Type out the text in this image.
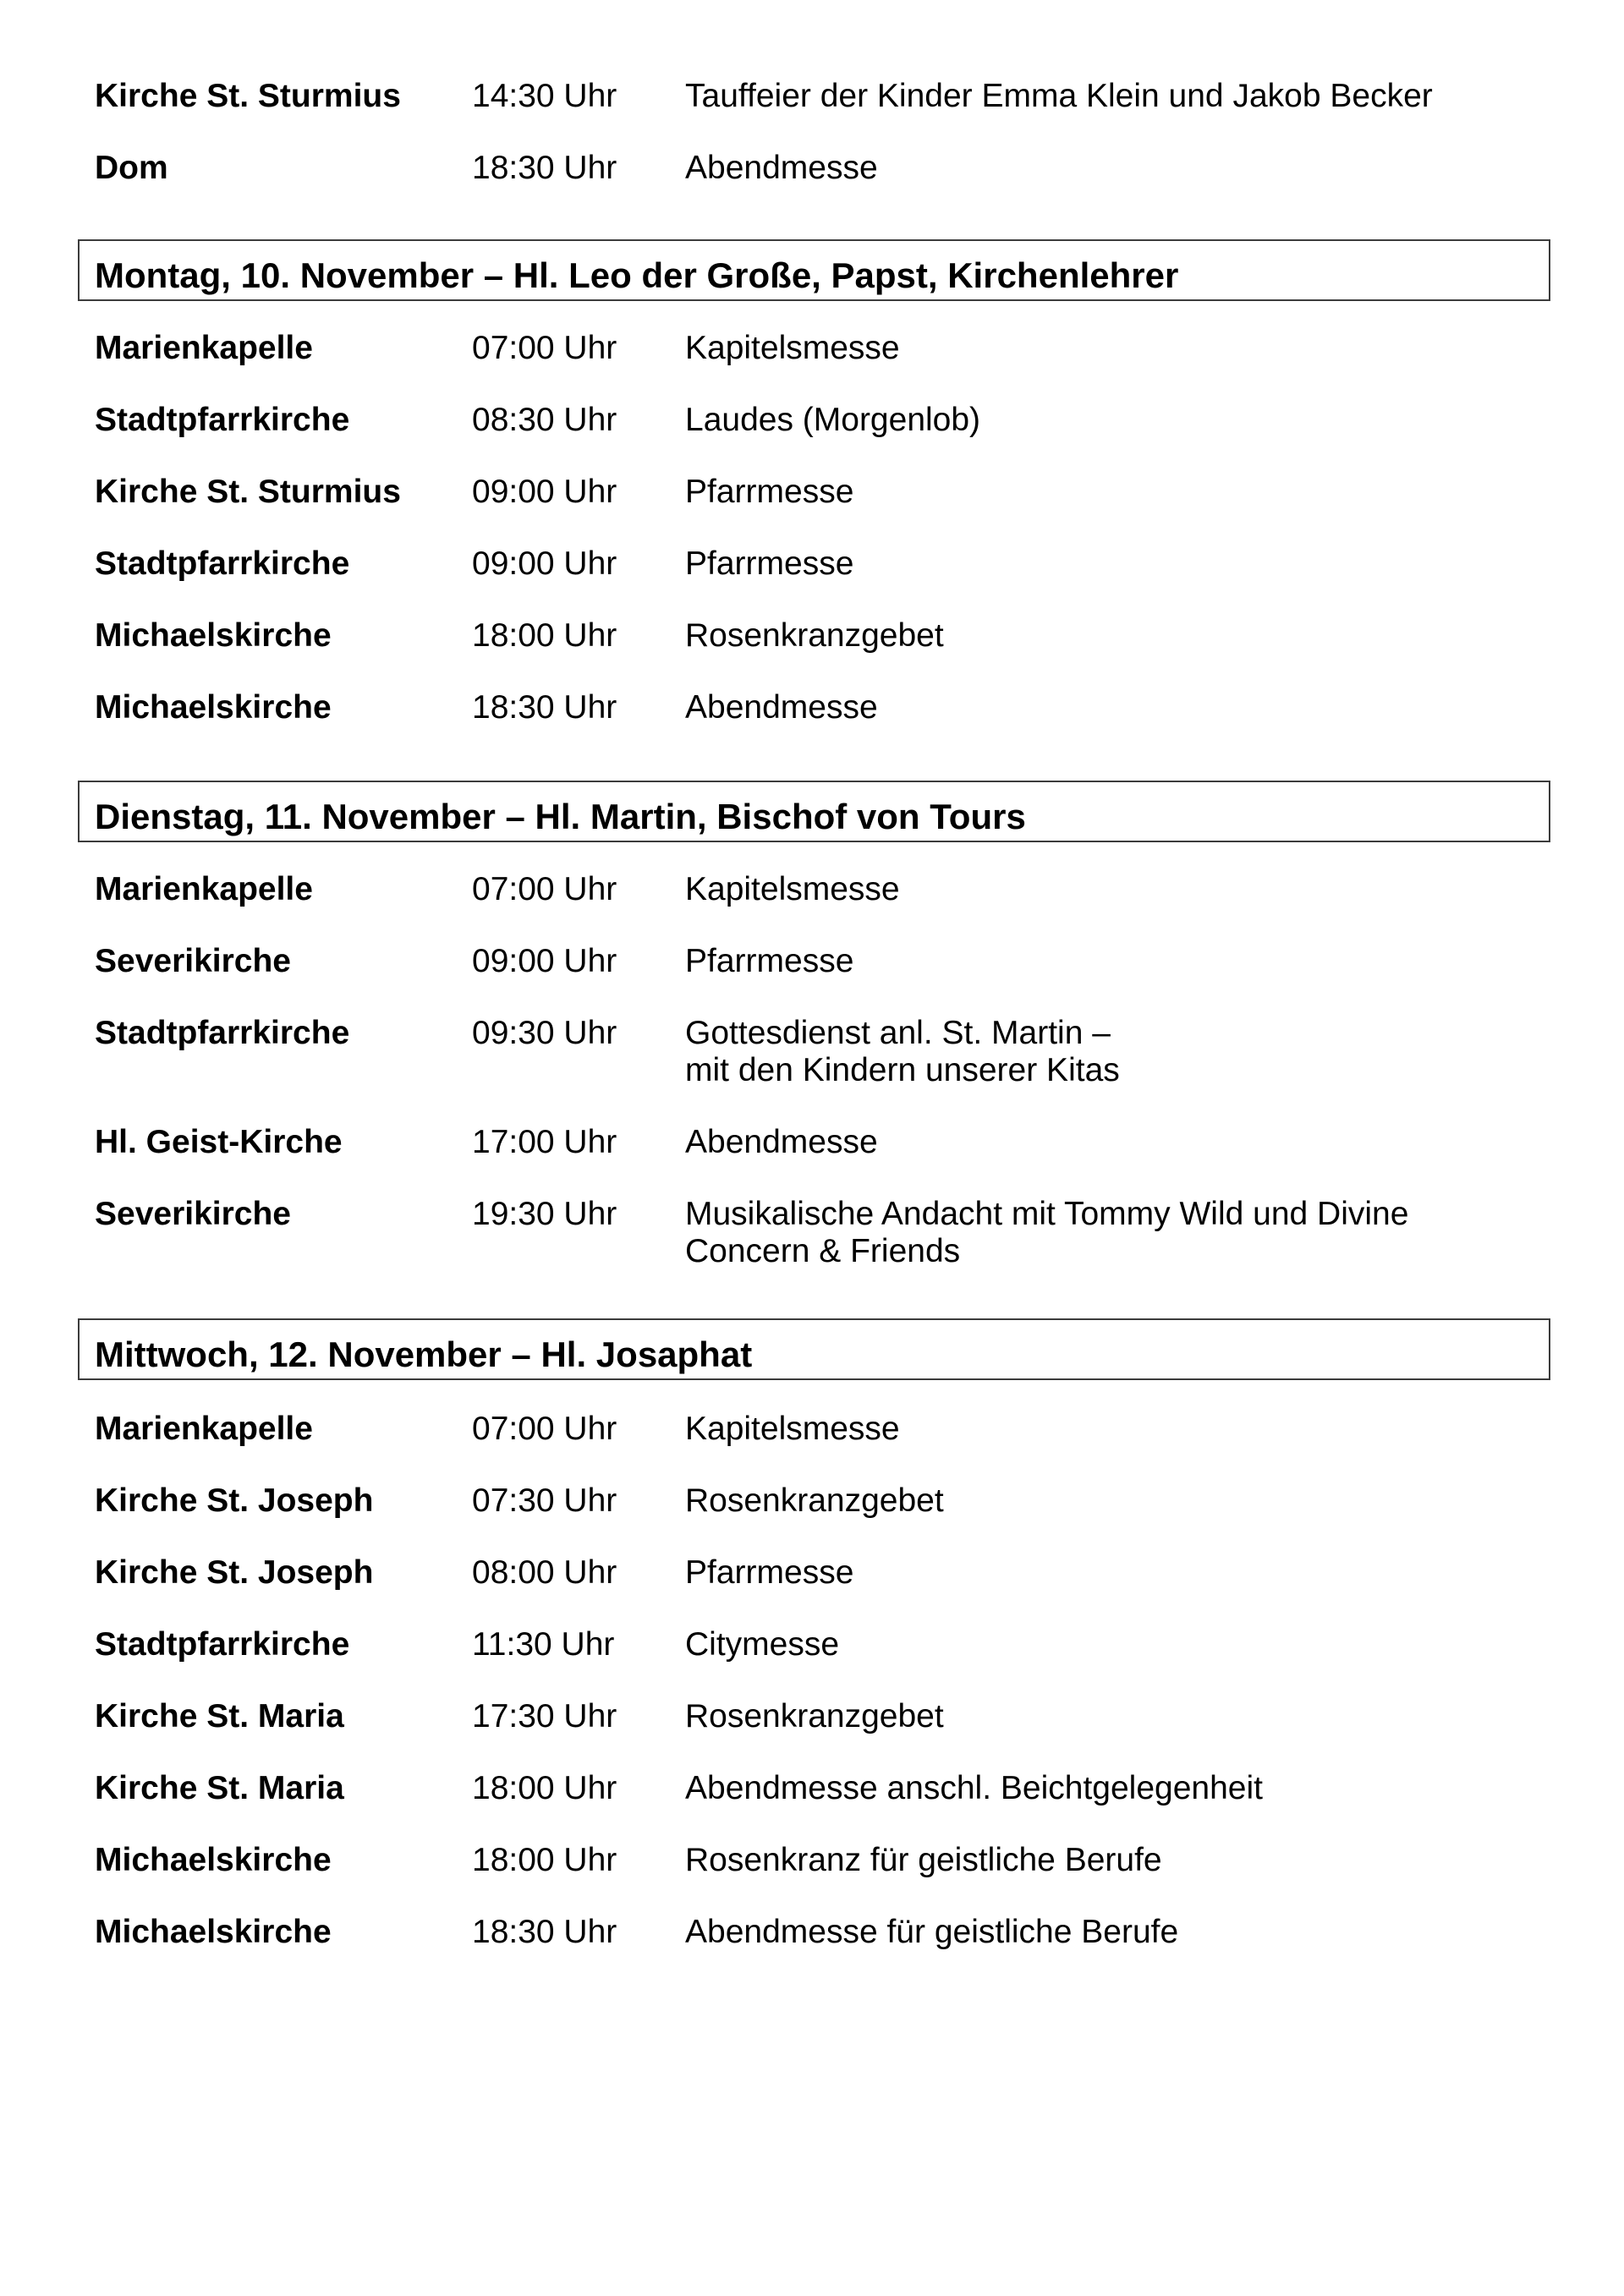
Kirche St. Sturmius	14:30 Uhr	Tauffeier der Kinder Emma Klein und Jakob Becker
Dom	18:30 Uhr	Abendmesse
Montag, 10. November – Hl. Leo der Große, Papst, Kirchenlehrer
Marienkapelle	07:00 Uhr	Kapitelsmesse
Stadtpfarrkirche	08:30 Uhr	Laudes (Morgenlob)
Kirche St. Sturmius	09:00 Uhr	Pfarrmesse
Stadtpfarrkirche	09:00 Uhr	Pfarrmesse
Michaelskirche	18:00 Uhr	Rosenkranzgebet
Michaelskirche	18:30 Uhr	Abendmesse
Dienstag, 11. November – Hl. Martin, Bischof von Tours
Marienkapelle	07:00 Uhr	Kapitelsmesse
Severikirche	09:00 Uhr	Pfarrmesse
Stadtpfarrkirche	09:30 Uhr	Gottesdienst anl. St. Martin –
mit den Kindern unserer Kitas
Hl. Geist-Kirche	17:00 Uhr	Abendmesse
Severikirche	19:30 Uhr	Musikalische Andacht mit Tommy Wild und Divine
Concern & Friends
Mittwoch, 12. November – Hl. Josaphat
Marienkapelle	07:00 Uhr	Kapitelsmesse
Kirche St. Joseph	07:30 Uhr	Rosenkranzgebet
Kirche St. Joseph	08:00 Uhr	Pfarrmesse
Stadtpfarrkirche	11:30 Uhr	Citymesse
Kirche St. Maria	17:30 Uhr	Rosenkranzgebet
Kirche St. Maria	18:00 Uhr	Abendmesse anschl. Beichtgelegenheit
Michaelskirche	18:00 Uhr	Rosenkranz für geistliche Berufe
Michaelskirche	18:30 Uhr	Abendmesse für geistliche Berufe
